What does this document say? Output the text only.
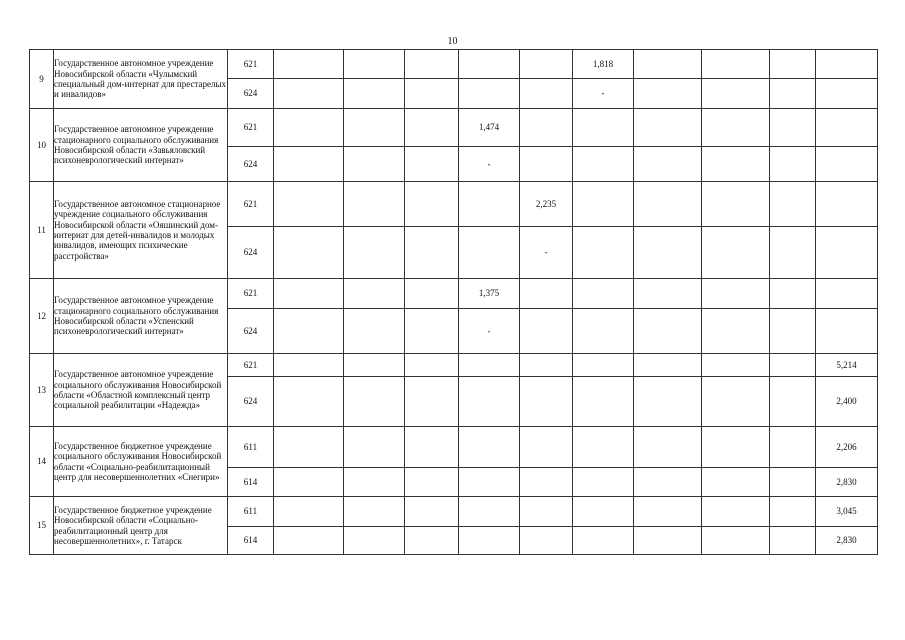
10
9	Государственное автономное учреждение Новосибирской области «Чулымский специальный дом-интернат для престарелых и инвалидов»	621						1,818				
		624						-				
10	Государственное автономное учреждение стационарного социального обслуживания Новосибирской области «Завьяловский психоневрологический интернат»	621				1,474						
		624				-						
11	Государственное автономное стационарное учреждение социального обслуживания Новосибирской области «Ояшинский дом-интернат для детей-инвалидов и молодых инвалидов, имеющих психические расстройства»	621					2,235					
		624					-					
12	Государственное автономное учреждение стационарного социального обслуживания Новосибирской области «Успенский психоневрологический интернат»	621				1,375						
		624				-						
13	Государственное автономное учреждение социального обслуживания Новосибирской области «Областной комплексный центр социальной реабилитации «Надежда»	621										5,214
		624										2,400
14	Государственное бюджетное учреждение социального обслуживания Новосибирской области «Социально-реабилитационный центр для несовершеннолетних «Снегири»	611										2,206
		614										2,830
15	Государственное бюджетное учреждение Новосибирской области «Социально-реабилитационный центр для несовершеннолетних», г. Татарск	611										3,045
		614										2,830
